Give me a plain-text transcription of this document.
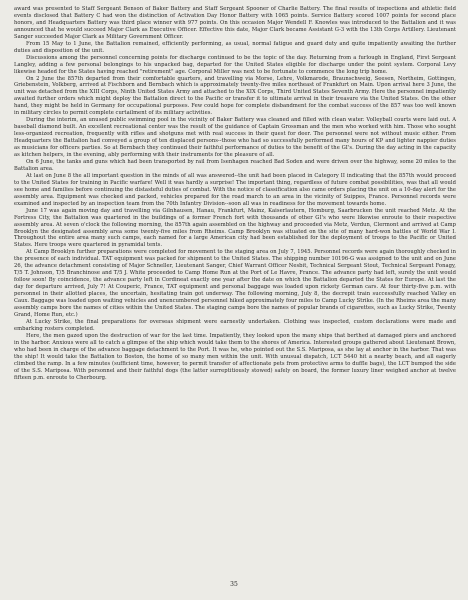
award was presented to Staff Sergeant Benson of Baker Battery and Staff Sergeant Spooner of Charlie Battery. The final results of inspections and athletic field events disclosed that Battery C had won the distinction of Activation Day Honor Battery with 1065 points. Service Battery scored 1007 points for second place honors, and Headquarters Battery was third place winner with 977 points. On this occasion Major Wendell F. Knowles was introduced to the Battalion and it was announced that he would succeed Major Clark as Executive Officer. Effective this date, Major Clark became Assistant G-3 with the 13th Corps Artillery. Lieutenant Sanger succeeded Major Clark as Military Government Officer.

From 15 May to 1 June, the Battalion remained, efficiently performing, as usual, normal fatigue and guard duty and quite impatiently awaiting the further duties and disposition of the unit.

Discussions among the personnel concerning points for discharge continued to be the topic of the day. Returning from a furlough in England, First Sergeant Langley, adding a few personal belongings to his unpacked bag, departed for the United States eligible for discharge under the point system. Corporal Levy likewise headed for the States having reached "retirement" age. Corporal Miller was next to be fortunate to commence the long trip home.

On 2 June the 857th departed from their comfortable quarters, and travelling via Morse, Lehre, Volkmarode, Braunschweig, Seesen, Northeim, Gottingen, Griebenstein, Volkberg, arrived at Fischborn and Bernbach which is approximately twenty-five miles northeast of Frankfurt on Main. Upon arrival here 3 June, the unit was detached from the XIII Corps, Ninth United States Army and attached to the XIX Corps, Third United States Seventh Army. Here the personnel impatiently awaited further orders which might deploy the Battalion direct to the Pacific or transfer it to ultimate arrival in their treasure via the United States. On the other hand, they might be held in Germany for occupational purposes. Few could hope for complete disbandment for the combat success of the 857 was too well known in military circles to permit complete curtailment of its military activities.

During the interim, an unused public swimming pool in the vicinity of Baker Battery was cleaned and filled with clean water. Volleyball courts were laid out. A baseball diamond built. An excellent recreational center was the result of the guidance of Captain Grossman and the men who worked with him. Those who sought less-organized recreation, frequently with rifles and shotguns met with real success in their quest for deer. The personnel were not without music either. From Headquarters the Battalion had conveyed a group of ten displaced persons--those who had so successfully performed many hours of KP and lighter nappier duties as musicians for officers parties. So at Bernbach they continued their faithful performance of duties to the benefit of the GI's. During the day acting in the capacity as kitchen helpers, in the evening, ably performing with their instruments for the pleasure of all.

On 6 June, the tanks and guns which had been transported by rail from Isenhagen reached Bad Soden and were driven over the highway, some 20 miles to the Battalion area.

At last on June 8 the all important question in the minds of all was answered--the unit had been placed in Category II indicating that the 857th would proceed to the United States for training in Pacific warfare! Well it was hardly a surprise! The important thing, regardless of future combat possibilities, was that all would see home and families before continuing the distasteful duties of combat. With the notice of classification also came orders placing the unit on a 10-day alert for the assembly area. Equipment was checked and packed, vehicles prepared for the road march to an area in the vicinity of Suippes, France. Personnel records were examined and inspected by an inspection team from the 70th Infantry Division--soon all was in readiness for the movement towards home.

June 17 was again moving day and travelling via Gilnhausen, Hanau, Frankfurt, Mainz, Kaiserlautern, Homburg, Saarbrucken the unit reached Metz. At the Fortress City, the Battalion was quartered in the buildings of a former French fort with thousands of other GI's who were likewise enroute to their respective assembly area. At seven o'clock the following morning, the 857th again assembled on the highway and proceeded via Metz, Verdun, Clermont and arrived at Camp Brooklyn the designated assembly area some twenty-five miles from Rheims. Camp Brooklyn was situated on the site of many hard-won battles of World War I. Throughout the entire area many such camps, each named for a large American city had been established for the deployment of troops to the Pacific or United States. Here troops were quartered in pyramidal tents.

At Camp Brooklyn further preparations were completed for movement to the staging area on July 7, 1945. Personnel records were again thoroughly checked in the presence of each individual. TAT equipment was packed for shipment to the United States. The shipping number 10196-G was assigned to the unit and on June 26, the advance detachment consisting of Major Schneller, Lieutenant Sanger, Chief Warrant Officer Nesbit, Technical Sergeant Stout, Technical Sergeant Fonagy, T/5 T. Johnson, T/5 Branchinose and T/5 J. White proceeded to Camp Home Run at the Port of Le Havre, France. The advance party had left, surely the unit would follow soon! By coincidence, the advance party left in Cordineat exactly one year after the date on which the Battalion departed the States for Europe. At last the day for departure arrived, July 7! At Couperic, France, TAT equipment and personal baggage was loaded upon rickety German cars. At four thirty-five p.m. with personnel in their allotted places, the uncertain, hesitating train got underway. The following morning, July 8, the decrepit train successfully reached Valley en Caux. Baggage was loaded upon waiting vehicles and unencumbered personnel hiked approximately four miles to Camp Lucky Strike. (In the Rheims area the many assembly camps bore the names of cities within the United States. The staging camps bore the names of popular brands of cigarettes, such as Lucky Strike, Twenty Grand, Home Run, etc.)

At Lucky Strike, the final preparations for overseas shipment were earnestly undertaken. Clothing was inspected, custom declarations were made and embarking rosters completed.

Here, the men gazed upon the destruction of war for the last time. Impatiently, they looked upon the many ships that berthed at damaged piers and anchored in the harbor. Anxious were all to catch a glimpse of the ship which would take them to the shores of America. Interested groups gathered about Lieutenant Brown, who had been in charge of the advance baggage detachment to the Port. It was he, who pointed out the S.S. Mariposa, as she lay at anchor in the harbor. That was the ship! It would take the Battalion to Boston, the home of so many men within the unit. With unusual dispatch, LCT 5440 hit a nearby beach, and all eagerly climbed the ramp. In a few minutes (sufficient time, however, to permit transfer of affectionate pets from protective arms to duffle bags), the LCT bumped the side of the S.S. Mariposa. With personnel and their faithful dogs (the latter surreptitiously stowed) safely on board, the former luxury liner weighed anchor at twelve fifteen p.m. enroute to Cherbourg.

35
